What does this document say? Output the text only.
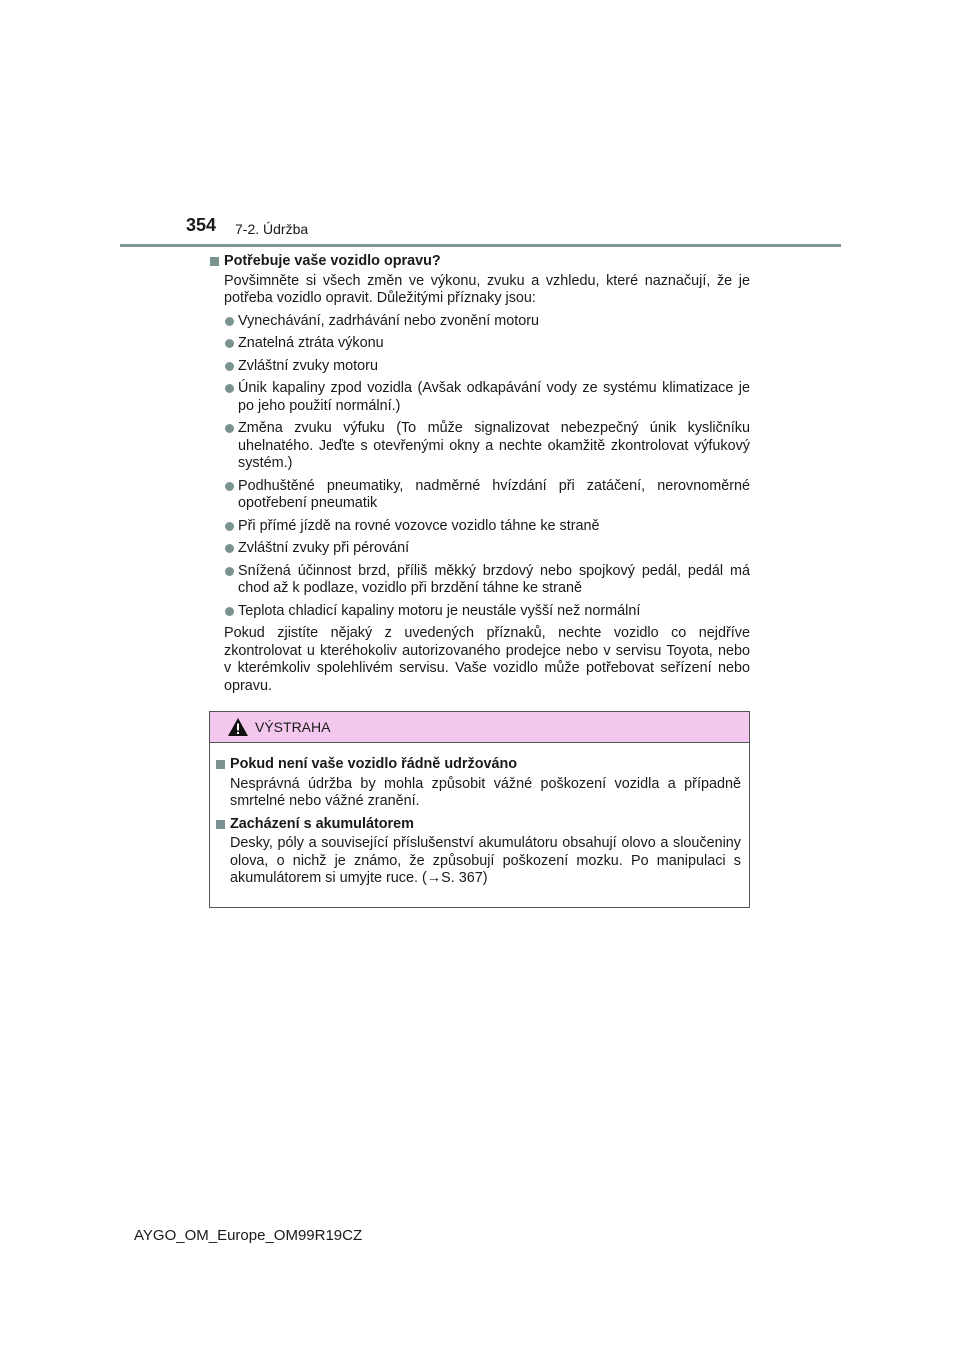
354 7-2. Údržba
Potřebuje vaše vozidlo opravu?
Povšimněte si všech změn ve výkonu, zvuku a vzhledu, které naznačují, že je potřeba vozidlo opravit. Důležitými příznaky jsou:
Vynechávání, zadrhávání nebo zvonění motoru
Znatelná ztráta výkonu
Zvláštní zvuky motoru
Únik kapaliny zpod vozidla (Avšak odkapávání vody ze systému klimatizace je po jeho použití normální.)
Změna zvuku výfuku (To může signalizovat nebezpečný únik kysličníku uhelnatého. Jeďte s otevřenými okny a nechte okamžitě zkontrolovat výfukový systém.)
Podhuštěné pneumatiky, nadměrné hvízdání při zatáčení, nerovnoměrné opotřebení pneumatik
Při přímé jízdě na rovné vozovce vozidlo táhne ke straně
Zvláštní zvuky při pérování
Snížená účinnost brzd, příliš měkký brzdový nebo spojkový pedál, pedál má chod až k podlaze, vozidlo při brzdění táhne ke straně
Teplota chladicí kapaliny motoru je neustále vyšší než normální
Pokud zjistíte nějaký z uvedených příznaků, nechte vozidlo co nejdříve zkontrolovat u kteréhokoliv autorizovaného prodejce nebo v servisu Toyota, nebo v kterémkoliv spolehlivém servisu. Vaše vozidlo může potřebovat seřízení nebo opravu.
VÝSTRAHA
Pokud není vaše vozidlo řádně udržováno
Nesprávná údržba by mohla způsobit vážné poškození vozidla a případně smrtelné nebo vážné zranění.
Zacházení s akumulátorem
Desky, póly a související příslušenství akumulátoru obsahují olovo a sloučeniny olova, o nichž je známo, že způsobují poškození mozku. Po manipulaci s akumulátorem si umyjte ruce. (→S. 367)
AYGO_OM_Europe_OM99R19CZ
